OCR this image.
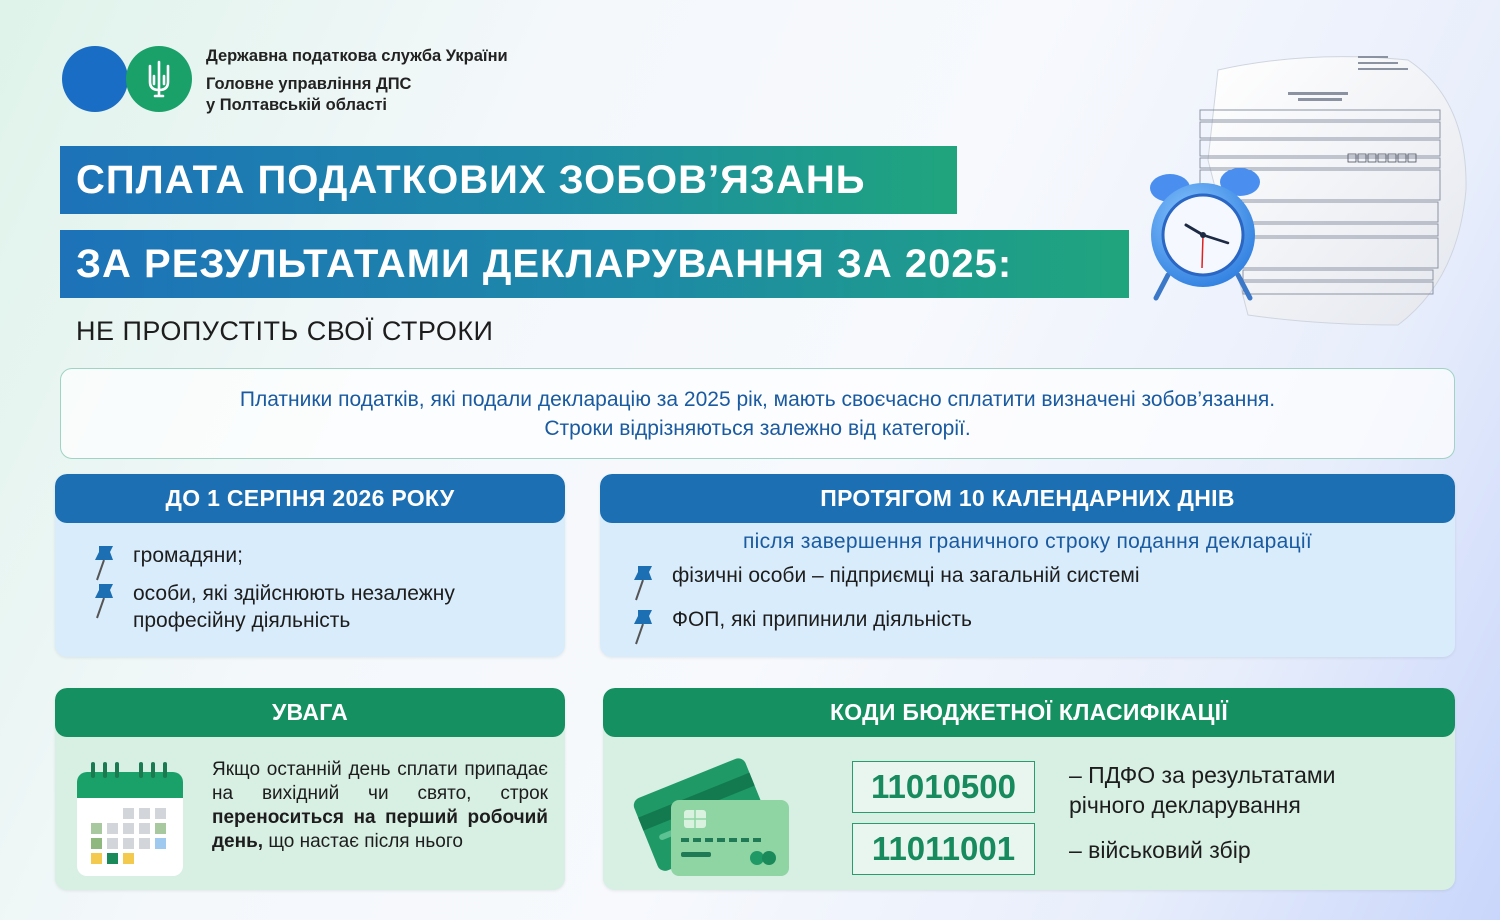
Державна податкова служба України
Головне управління ДПС
у Полтавській області
СПЛАТА ПОДАТКОВИХ ЗОБОВ’ЯЗАНЬ
ЗА РЕЗУЛЬТАТАМИ ДЕКЛАРУВАННЯ ЗА 2025:
НЕ ПРОПУСТІТЬ СВОЇ СТРОКИ
Платники податків, які подали декларацію за 2025 рік, мають своєчасно сплатити визначені зобов’язання.
Строки відрізняються залежно від категорії.
ДО 1 СЕРПНЯ 2026 РОКУ
громадяни;
особи, які здійснюють незалежну професійну діяльність
ПРОТЯГОМ 10 КАЛЕНДАРНИХ ДНІВ
після завершення граничного строку подання декларації
фізичні особи – підприємці на загальній системі
ФОП, які припинили діяльність
УВАГА
Якщо останній день сплати припадає на вихідний чи свято, строк переноситься на перший робочий день, що настає після нього
КОДИ БЮДЖЕТНОЇ КЛАСИФІКАЦІЇ
11010500
11011001
– ПДФО за результатами річного декларування
– військовий збір
